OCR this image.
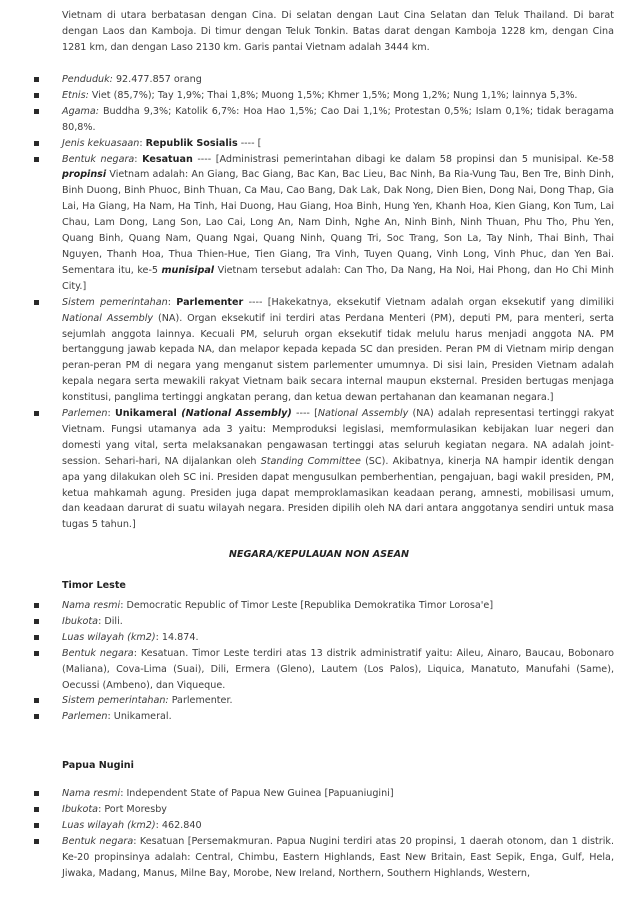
Vietnam di utara berbatasan dengan Cina. Di selatan dengan Laut Cina Selatan dan Teluk Thailand. Di barat dengan Laos dan Kamboja. Di timur dengan Teluk Tonkin. Batas darat dengan Kamboja 1228 km, dengan Cina 1281 km, dan dengan Laso 2130 km. Garis pantai Vietnam adalah 3444 km.
Penduduk: 92.477.857 orang
Etnis: Viet (85,7%); Tay 1,9%; Thai 1,8%; Muong 1,5%; Khmer 1,5%; Mong 1,2%; Nung 1,1%; lainnya 5,3%.
Agama: Buddha 9,3%; Katolik 6,7%: Hoa Hao 1,5%; Cao Dai 1,1%; Protestan 0,5%; Islam 0,1%; tidak beragama 80,8%.
Jenis kekuasaan: Republik Sosialis ---- [
Bentuk negara: Kesatuan ---- [Administrasi pemerintahan dibagi ke dalam 58 propinsi dan 5 munisipal. Ke-58 propinsi Vietnam adalah: An Giang, Bac Giang, Bac Kan, Bac Lieu, Bac Ninh, Ba Ria-Vung Tau, Ben Tre, Binh Dinh, Binh Duong, Binh Phuoc, Binh Thuan, Ca Mau, Cao Bang, Dak Lak, Dak Nong, Dien Bien, Dong Nai, Dong Thap, Gia Lai, Ha Giang, Ha Nam, Ha Tinh, Hai Duong, Hau Giang, Hoa Binh, Hung Yen, Khanh Hoa, Kien Giang, Kon Tum, Lai Chau, Lam Dong, Lang Son, Lao Cai, Long An, Nam Dinh, Nghe An, Ninh Binh, Ninh Thuan, Phu Tho, Phu Yen, Quang Binh, Quang Nam, Quang Ngai, Quang Ninh, Quang Tri, Soc Trang, Son La, Tay Ninh, Thai Binh, Thai Nguyen, Thanh Hoa, Thua Thien-Hue, Tien Giang, Tra Vinh, Tuyen Quang, Vinh Long, Vinh Phuc, dan Yen Bai. Sementara itu, ke-5 munisipal Vietnam tersebut adalah: Can Tho, Da Nang, Ha Noi, Hai Phong, dan Ho Chi Minh City.]
Sistem pemerintahan: Parlementer ---- [Hakekatnya, eksekutif Vietnam adalah organ eksekutif yang dimiliki National Assembly (NA). Organ eksekutif ini terdiri atas Perdana Menteri (PM), deputi PM, para menteri, serta sejumlah anggota lainnya. Kecuali PM, seluruh organ eksekutif tidak melulu harus menjadi anggota NA. PM bertanggung jawab kepada NA, dan melapor kepada kepada SC dan presiden. Peran PM di Vietnam mirip dengan peran-peran PM di negara yang menganut sistem parlementer umumnya. Di sisi lain, Presiden Vietnam adalah kepala negara serta mewakili rakyat Vietnam baik secara internal maupun eksternal. Presiden bertugas menjaga konstitusi, panglima tertinggi angkatan perang, dan ketua dewan pertahanan dan keamanan negara.]
Parlemen: Unikameral (National Assembly) ---- [National Assembly (NA) adalah representasi tertinggi rakyat Vietnam. Fungsi utamanya ada 3 yaitu: Memproduksi legislasi, memformulasikan kebijakan luar negeri dan domesti yang vital, serta melaksanakan pengawasan tertinggi atas seluruh kegiatan negara. NA adalah joint-session. Sehari-hari, NA dijalankan oleh Standing Committee (SC). Akibatnya, kinerja NA hampir identik dengan apa yang dilakukan oleh SC ini. Presiden dapat mengusulkan pemberhentian, pengajuan, bagi wakil presiden, PM, ketua mahkamah agung. Presiden juga dapat memproklamasikan keadaan perang, amnesti, mobilisasi umum, dan keadaan darurat di suatu wilayah negara. Presiden dipilih oleh NA dari antara anggotanya sendiri untuk masa tugas 5 tahun.]
NEGARA/KEPULAUAN NON ASEAN
Timor Leste
Nama resmi: Democratic Republic of Timor Leste [Republika Demokratika Timor Lorosa'e]
Ibukota: Dili.
Luas wilayah (km2): 14.874.
Bentuk negara: Kesatuan. Timor Leste terdiri atas 13 distrik administratif yaitu: Aileu, Ainaro, Baucau, Bobonaro (Maliana), Cova-Lima (Suai), Dili, Ermera (Gleno), Lautem (Los Palos), Liquica, Manatuto, Manufahi (Same), Oecussi (Ambeno), dan Viqueque.
Sistem pemerintahan: Parlementer.
Parlemen: Unikameral.
Papua Nugini
Nama resmi: Independent State of Papua New Guinea [Papuaniugini]
Ibukota: Port Moresby
Luas wilayah (km2): 462.840
Bentuk negara: Kesatuan [Persemakmuran. Papua Nugini terdiri atas 20 propinsi, 1 daerah otonom, dan 1 distrik. Ke-20 propinsinya adalah: Central, Chimbu, Eastern Highlands, East New Britain, East Sepik, Enga, Gulf, Hela, Jiwaka, Madang, Manus, Milne Bay, Morobe, New Ireland, Northern, Southern Highlands, Western,
